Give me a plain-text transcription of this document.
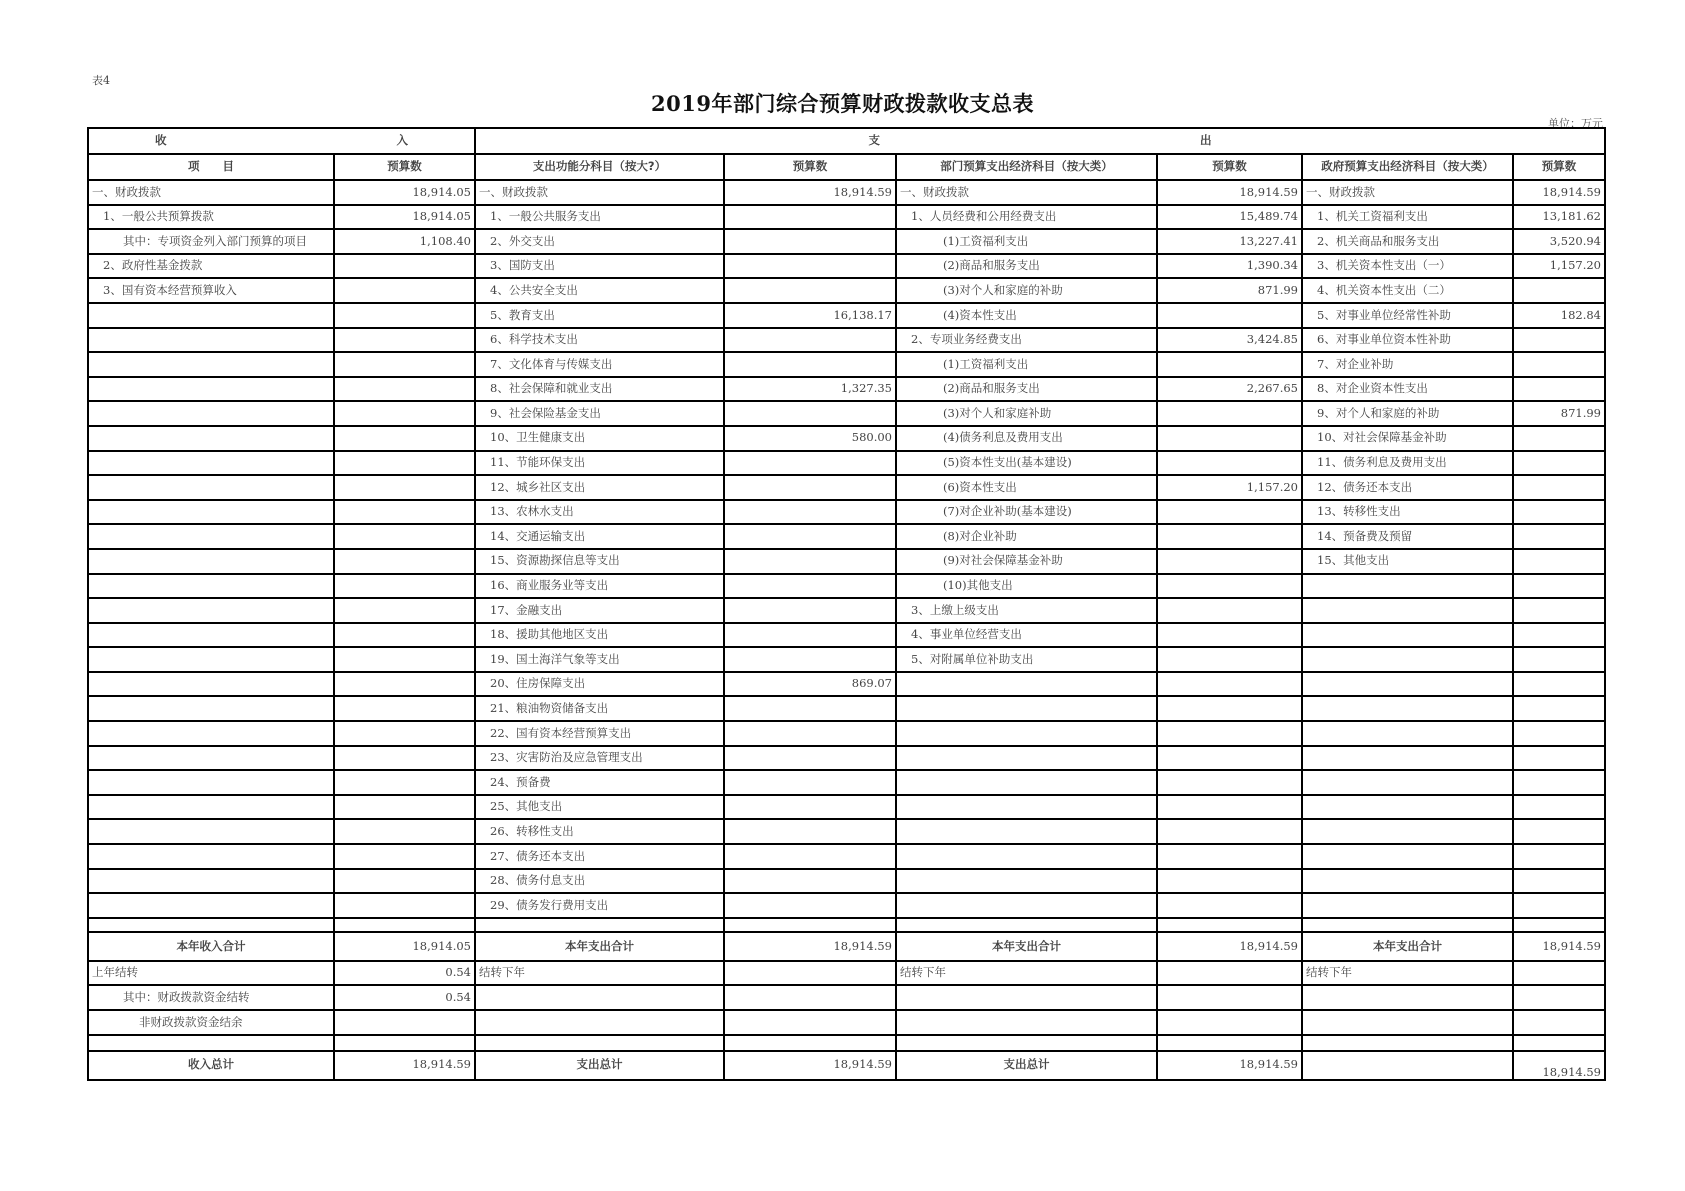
表4
2019年部门综合预算财政拨款收支总表
单位：万元
收 入		支 出					
项　　目	预算数	支出功能分科目（按大?）	预算数	部门预算支出经济科目（按大类）	预算数	政府预算支出经济科目（按大类）	预算数
一、财政拨款	18,914.05	一、财政拨款	18,914.59	一、财政拨款	18,914.59	一、财政拨款	18,914.59
1、一般公共预算拨款	18,914.05	1、一般公共服务支出		1、人员经费和公用经费支出	15,489.74	1、机关工资福利支出	13,181.62
其中：专项资金列入部门预算的项目	1,108.40	2、外交支出		(1)工资福利支出	13,227.41	2、机关商品和服务支出	3,520.94
2、政府性基金拨款		3、国防支出		(2)商品和服务支出	1,390.34	3、机关资本性支出（一）	1,157.20
3、国有资本经营预算收入		4、公共安全支出		(3)对个人和家庭的补助	871.99	4、机关资本性支出（二）	
		5、教育支出	16,138.17	(4)资本性支出		5、对事业单位经常性补助	182.84
		6、科学技术支出		2、专项业务经费支出	3,424.85	6、对事业单位资本性补助	
		7、文化体育与传媒支出		(1)工资福利支出		7、对企业补助	
		8、社会保障和就业支出	1,327.35	(2)商品和服务支出	2,267.65	8、对企业资本性支出	
		9、社会保险基金支出		(3)对个人和家庭补助		9、对个人和家庭的补助	871.99
		10、卫生健康支出	580.00	(4)债务利息及费用支出		10、对社会保障基金补助	
		11、节能环保支出		(5)资本性支出(基本建设)		11、债务利息及费用支出	
		12、城乡社区支出		(6)资本性支出	1,157.20	12、债务还本支出	
		13、农林水支出		(7)对企业补助(基本建设)		13、转移性支出	
		14、交通运输支出		(8)对企业补助		14、预备费及预留	
		15、资源勘探信息等支出		(9)对社会保障基金补助		15、其他支出	
		16、商业服务业等支出		(10)其他支出			
		17、金融支出		3、上缴上级支出			
		18、援助其他地区支出		4、事业单位经营支出			
		19、国土海洋气象等支出		5、对附属单位补助支出			
		20、住房保障支出	869.07				
		21、粮油物资储备支出					
		22、国有资本经营预算支出					
		23、灾害防治及应急管理支出					
		24、预备费					
		25、其他支出					
		26、转移性支出					
		27、债务还本支出					
		28、债务付息支出					
		29、债务发行费用支出					

本年收入合计	18,914.05	本年支出合计	18,914.59	本年支出合计	18,914.59	本年支出合计	18,914.59
上年结转	0.54	结转下年		结转下年		结转下年	
其中：财政拨款资金结转	0.54						
非财政拨款资金结余							

收入总计	18,914.59	支出总计	18,914.59	支出总计	18,914.59		18,914.59
